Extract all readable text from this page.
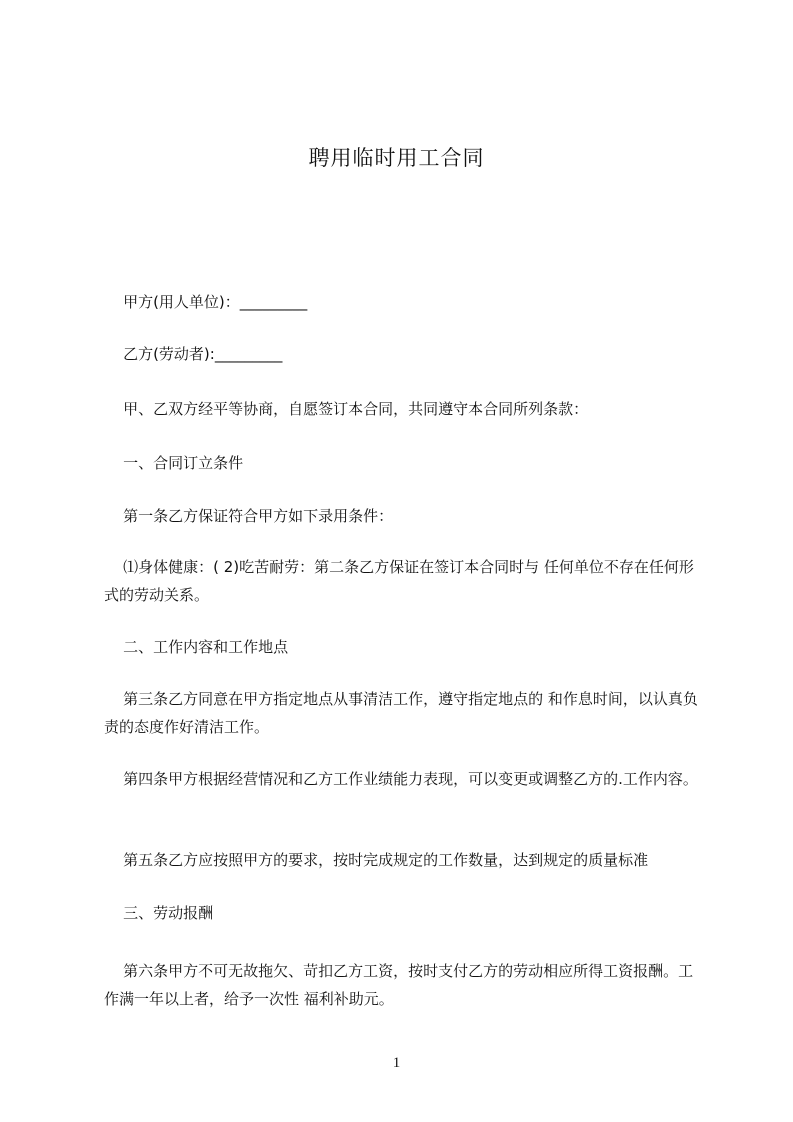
聘用临时用工合同
甲方(用人单位)：_________
乙方(劳动者):_________
甲、乙双方经平等协商，自愿签订本合同，共同遵守本合同所列条款：
一、合同订立条件
第一条乙方保证符合甲方如下录用条件：
⑴身体健康：( 2)吃苦耐劳：第二条乙方保证在签订本合同时与 任何单位不存在任何形式的劳动关系。
二、工作内容和工作地点
第三条乙方同意在甲方指定地点从事清洁工作，遵守指定地点的 和作息时间，以认真负责的态度作好清洁工作。
第四条甲方根据经营情况和乙方工作业绩能力表现，可以变更或调整乙方的.工作内容。
第五条乙方应按照甲方的要求，按时完成规定的工作数量，达到规定的质量标准
三、劳动报酬
第六条甲方不可无故拖欠、苛扣乙方工资，按时支付乙方的劳动相应所得工资报酬。工作满一年以上者，给予一次性 福利补助元。
1
